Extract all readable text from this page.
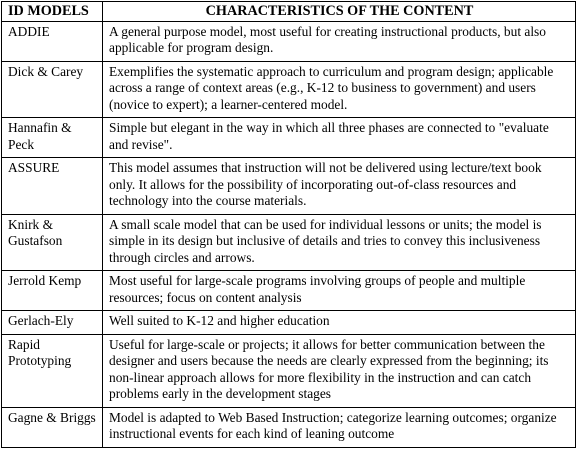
ID MODELS	CHARACTERISTICS OF THE CONTENT
ADDIE	A general purpose model, most useful for creating instructional products, but also applicable for program design.
Dick & Carey	Exemplifies the systematic approach to curriculum and program design; applicable across a range of context areas (e.g., K-12 to business to government) and users (novice to expert); a learner-centered model.
Hannafin & Peck	Simple but elegant in the way in which all three phases are connected to "evaluate and revise".
ASSURE	This model assumes that instruction will not be delivered using lecture/text book only. It allows for the possibility of incorporating out-of-class resources and technology into the course materials.
Knirk & Gustafson	A small scale model that can be used for individual lessons or units; the model is simple in its design but inclusive of details and tries to convey this inclusiveness through circles and arrows.
Jerrold Kemp	Most useful for large-scale programs involving groups of people and multiple resources; focus on content analysis
Gerlach-Ely	Well suited to K-12 and higher education
Rapid Prototyping	Useful for large-scale or projects; it allows for better communication between the designer and users because the needs are clearly expressed from the beginning; its non-linear approach allows for more flexibility in the instruction and can catch problems early in the development stages
Gagne & Briggs	Model is adapted to Web Based Instruction; categorize learning outcomes; organize instructional events for each kind of leaning outcome
